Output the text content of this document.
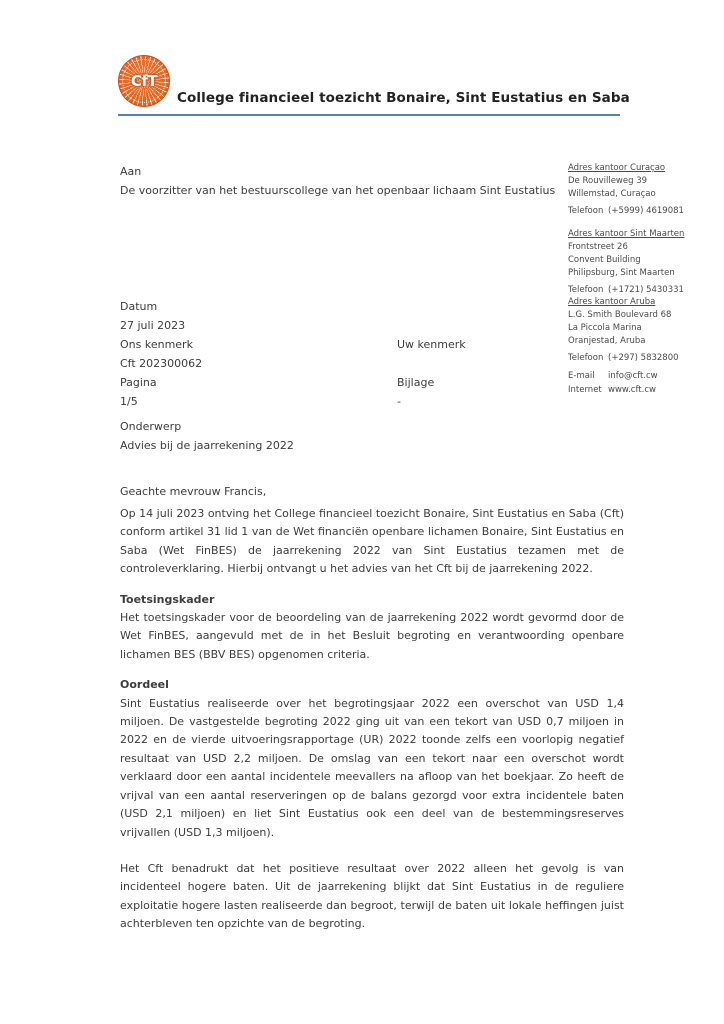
CfT
College financieel toezicht Bonaire, Sint Eustatius en Saba
Adres kantoor Curaçao
De Rouvilleweg 39
Willemstad, Curaçao
Telefoon (+5999) 4619081
Adres kantoor Sint Maarten
Frontstreet 26
Convent Building
Philipsburg, Sint Maarten
Telefoon (+1721) 5430331
Adres kantoor Aruba
L.G. Smith Boulevard 68
La Piccola Marina
Oranjestad, Aruba
Telefoon (+297) 5832800
E-mail	info@cft.cw
Internet www.cft.cw
Aan
De voorzitter van het bestuurscollege van het openbaar lichaam Sint Eustatius
Datum
27 juli 2023
Ons kenmerk	Uw kenmerk
Cft 202300062
Pagina	Bijlage
1/5	-
Onderwerp
Advies bij de jaarrekening 2022
Geachte mevrouw Francis,

Op 14 juli 2023 ontving het College financieel toezicht Bonaire, Sint Eustatius en Saba (Cft) conform artikel 31 lid 1 van de Wet financiën openbare lichamen Bonaire, Sint Eustatius en Saba (Wet FinBES) de jaarrekening 2022 van Sint Eustatius tezamen met de controleverklaring. Hierbij ontvangt u het advies van het Cft bij de jaarrekening 2022.

Toetsingskader

Het toetsingskader voor de beoordeling van de jaarrekening 2022 wordt gevormd door de Wet FinBES, aangevuld met de in het Besluit begroting en verantwoording openbare lichamen BES (BBV BES) opgenomen criteria.

Oordeel

Sint Eustatius realiseerde over het begrotingsjaar 2022 een overschot van USD 1,4 miljoen. De vastgestelde begroting 2022 ging uit van een tekort van USD 0,7 miljoen in 2022 en de vierde uitvoeringsrapportage (UR) 2022 toonde zelfs een voorlopig negatief resultaat van USD 2,2 miljoen. De omslag van een tekort naar een overschot wordt verklaard door een aantal incidentele meevallers na afloop van het boekjaar. Zo heeft de vrijval van een aantal reserveringen op de balans gezorgd voor extra incidentele baten (USD 2,1 miljoen) en liet Sint Eustatius ook een deel van de bestemmingsreserves vrijvallen (USD 1,3 miljoen).

Het Cft benadrukt dat het positieve resultaat over 2022 alleen het gevolg is van incidenteel hogere baten. Uit de jaarrekening blijkt dat Sint Eustatius in de reguliere exploitatie hogere lasten realiseerde dan begroot, terwijl de baten uit lokale heffingen juist achterbleven ten opzichte van de begroting.
